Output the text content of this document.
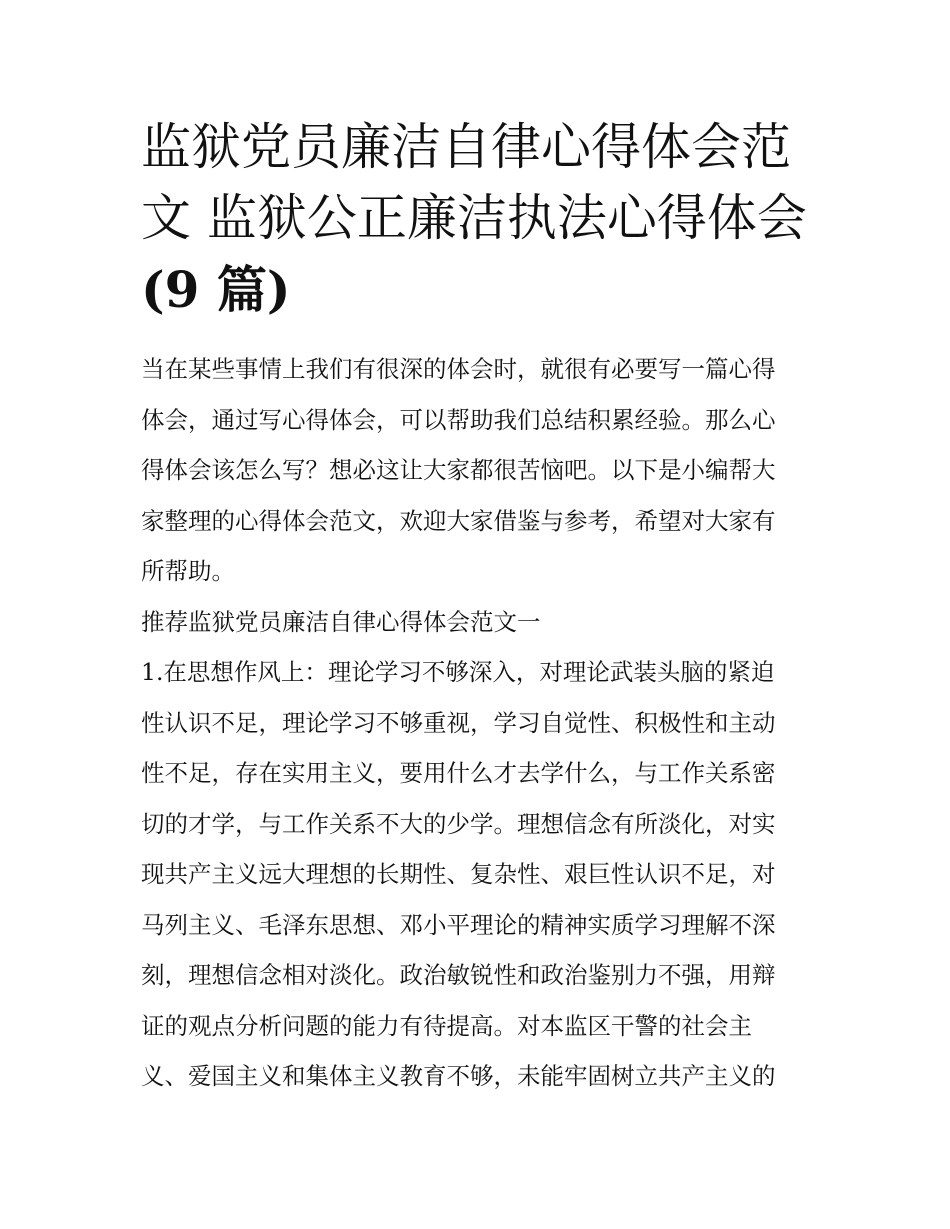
监狱党员廉洁自律心得体会范
文 监狱公正廉洁执法心得体会
(9 篇)

当在某些事情上我们有很深的体会时，就很有必要写一篇心得
体会，通过写心得体会，可以帮助我们总结积累经验。那么心
得体会该怎么写？想必这让大家都很苦恼吧。以下是小编帮大
家整理的心得体会范文，欢迎大家借鉴与参考，希望对大家有
所帮助。

推荐监狱党员廉洁自律心得体会范文一

1.在思想作风上：理论学习不够深入，对理论武装头脑的紧迫
性认识不足，理论学习不够重视，学习自觉性、积极性和主动
性不足，存在实用主义，要用什么才去学什么，与工作关系密
切的才学，与工作关系不大的少学。理想信念有所淡化，对实
现共产主义远大理想的长期性、复杂性、艰巨性认识不足，对
马列主义、毛泽东思想、邓小平理论的精神实质学习理解不深
刻，理想信念相对淡化。政治敏锐性和政治鉴别力不强，用辩
证的观点分析问题的能力有待提高。对本监区干警的社会主
义、爱国主义和集体主义教育不够，未能牢固树立共产主义的
